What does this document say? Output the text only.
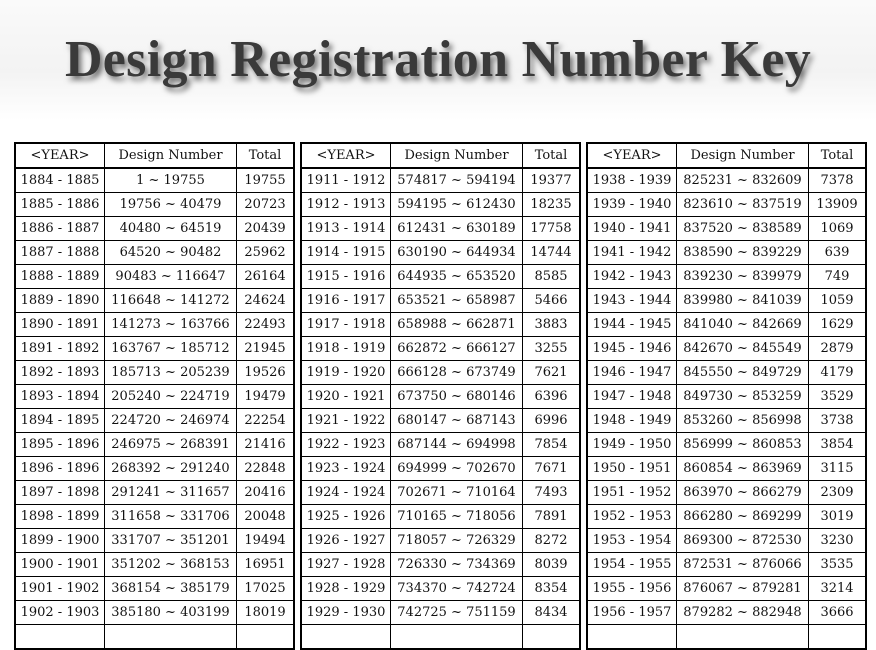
Design Registration Number Key
<YEAR>	Design Number	Total
1884 - 1885	1 ~ 19755	19755
1885 - 1886	19756 ~ 40479	20723
1886 - 1887	40480 ~ 64519	20439
1887 - 1888	64520 ~ 90482	25962
1888 - 1889	90483 ~ 116647	26164
1889 - 1890	116648 ~ 141272	24624
1890 - 1891	141273 ~ 163766	22493
1891 - 1892	163767 ~ 185712	21945
1892 - 1893	185713 ~ 205239	19526
1893 - 1894	205240 ~ 224719	19479
1894 - 1895	224720 ~ 246974	22254
1895 - 1896	246975 ~ 268391	21416
1896 - 1896	268392 ~ 291240	22848
1897 - 1898	291241 ~ 311657	20416
1898 - 1899	311658 ~ 331706	20048
1899 - 1900	331707 ~ 351201	19494
1900 - 1901	351202 ~ 368153	16951
1901 - 1902	368154 ~ 385179	17025
1902 - 1903	385180 ~ 403199	18019

<YEAR>	Design Number	Total
1911 - 1912	574817 ~ 594194	19377
1912 - 1913	594195 ~ 612430	18235
1913 - 1914	612431 ~ 630189	17758
1914 - 1915	630190 ~ 644934	14744
1915 - 1916	644935 ~ 653520	8585
1916 - 1917	653521 ~ 658987	5466
1917 - 1918	658988 ~ 662871	3883
1918 - 1919	662872 ~ 666127	3255
1919 - 1920	666128 ~ 673749	7621
1920 - 1921	673750 ~ 680146	6396
1921 - 1922	680147 ~ 687143	6996
1922 - 1923	687144 ~ 694998	7854
1923 - 1924	694999 ~ 702670	7671
1924 - 1924	702671 ~ 710164	7493
1925 - 1926	710165 ~ 718056	7891
1926 - 1927	718057 ~ 726329	8272
1927 - 1928	726330 ~ 734369	8039
1928 - 1929	734370 ~ 742724	8354
1929 - 1930	742725 ~ 751159	8434

<YEAR>	Design Number	Total
1938 - 1939	825231 ~ 832609	7378
1939 - 1940	823610 ~ 837519	13909
1940 - 1941	837520 ~ 838589	1069
1941 - 1942	838590 ~ 839229	639
1942 - 1943	839230 ~ 839979	749
1943 - 1944	839980 ~ 841039	1059
1944 - 1945	841040 ~ 842669	1629
1945 - 1946	842670 ~ 845549	2879
1946 - 1947	845550 ~ 849729	4179
1947 - 1948	849730 ~ 853259	3529
1948 - 1949	853260 ~ 856998	3738
1949 - 1950	856999 ~ 860853	3854
1950 - 1951	860854 ~ 863969	3115
1951 - 1952	863970 ~ 866279	2309
1952 - 1953	866280 ~ 869299	3019
1953 - 1954	869300 ~ 872530	3230
1954 - 1955	872531 ~ 876066	3535
1955 - 1956	876067 ~ 879281	3214
1956 - 1957	879282 ~ 882948	3666
